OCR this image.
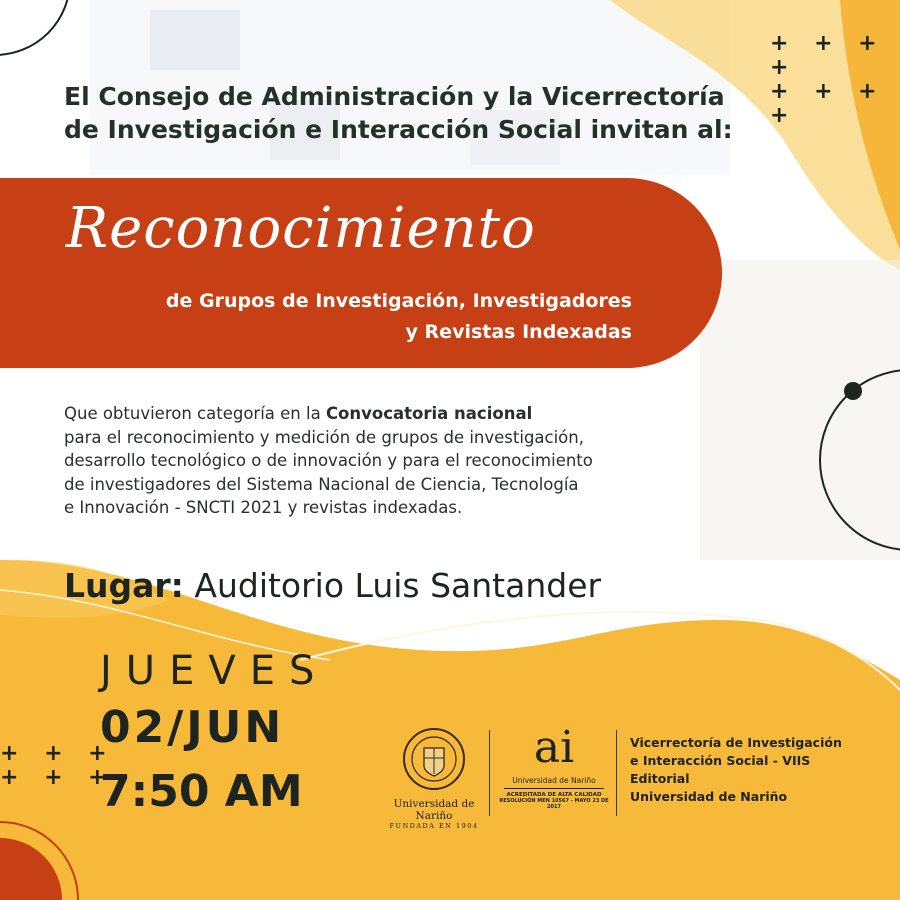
+ + + +
+ + + +
+ + +
+ + +
El Consejo de Administración y la Vicerrectoría
de Investigación e Interacción Social invitan al:
Reconocimiento
de Grupos de Investigación, Investigadores
y Revistas Indexadas
Que obtuvieron categoría en la Convocatoria nacional
para el reconocimiento y medición de grupos de investigación,
desarrollo tecnológico o de innovación y para el reconocimiento
de investigadores del Sistema Nacional de Ciencia, Tecnología
e Innovación - SNCTI 2021 y revistas indexadas.
Lugar: Auditorio Luis Santander
JUEVES
02/JUN
7:50 AM	Universidad de Nariño
FUNDADA EN 1904
ai
Universidad de Nariño
ACREDITADA DE ALTA CALIDAD
RESOLUCIÓN MEN 10567 - MAYO 23 DE 2017
Vicerrectoría de Investigación
e Interacción Social - VIIS
Editorial
Universidad de Nariño
